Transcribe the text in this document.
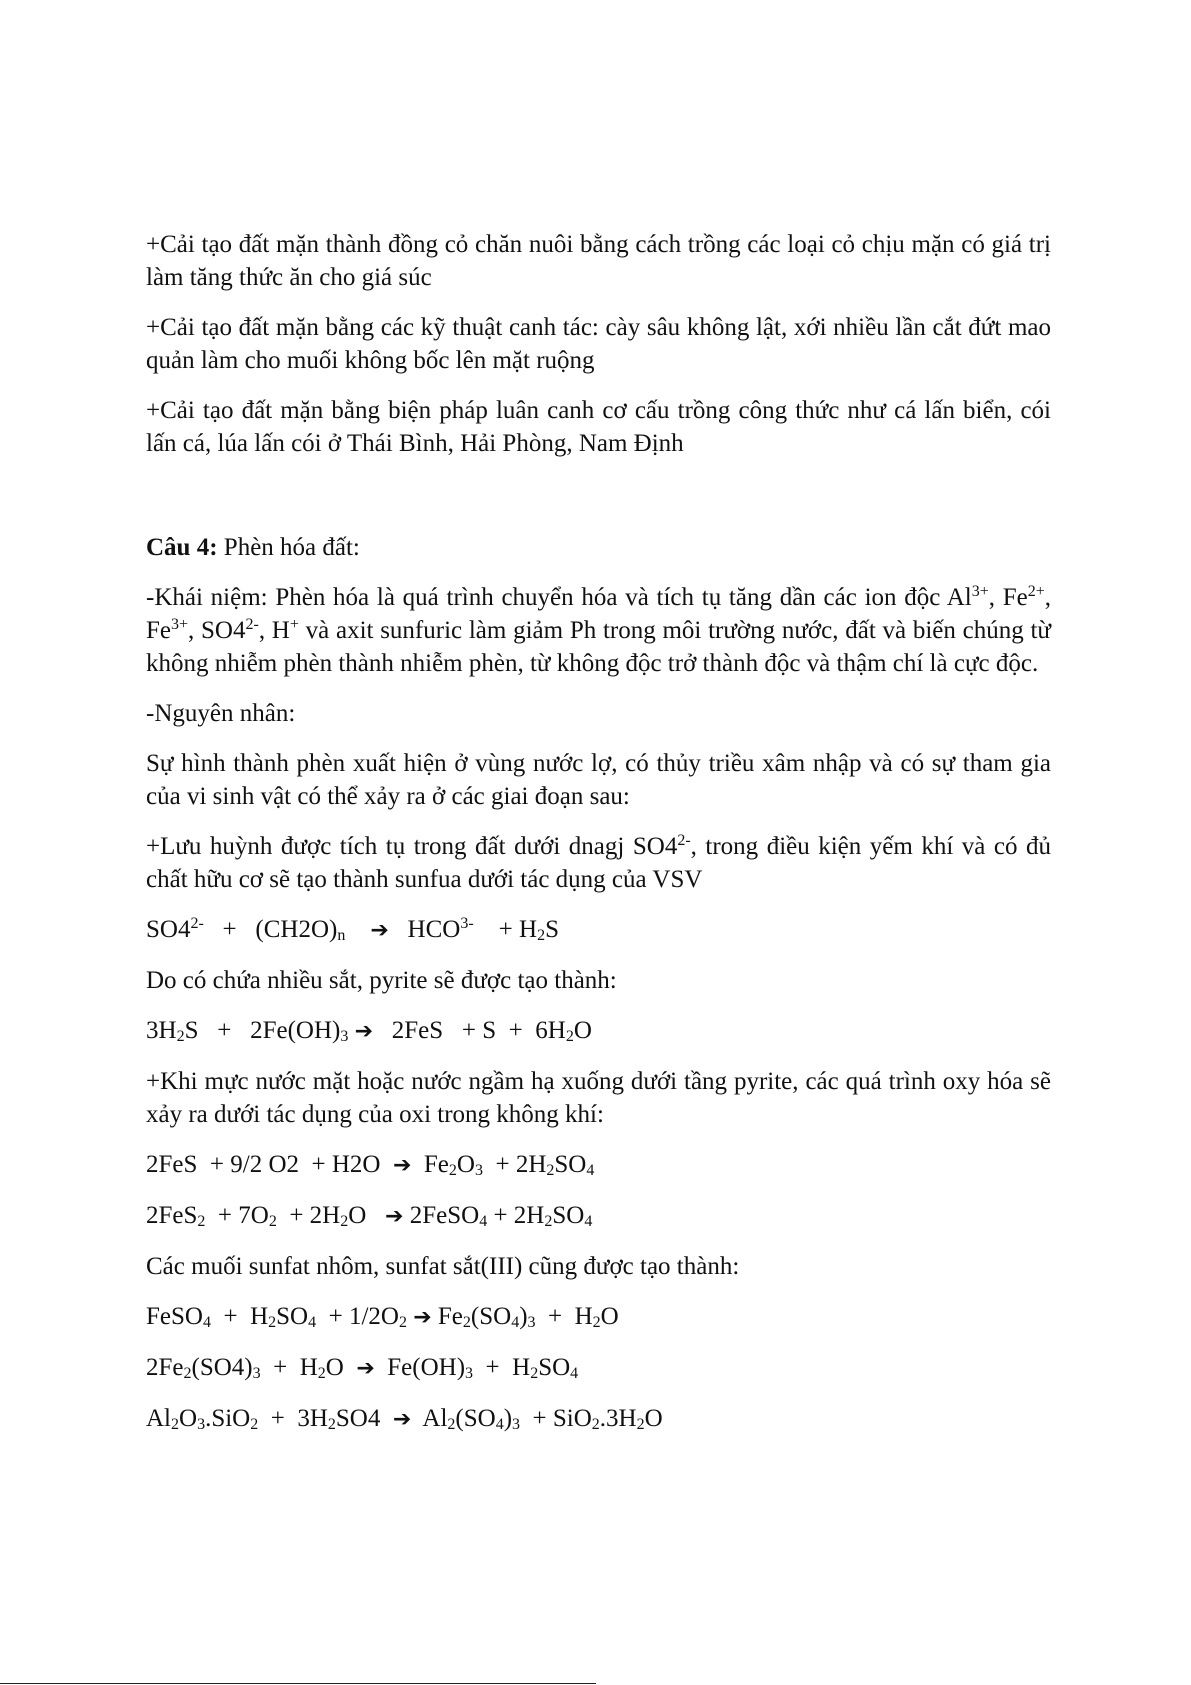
+Cải tạo đất mặn thành đồng cỏ chăn nuôi bằng cách trồng các loại cỏ chịu mặn có giá trị làm tăng thức ăn cho giá súc

+Cải tạo đất mặn bằng các kỹ thuật canh tác: cày sâu không lật, xới nhiều lần cắt đứt mao quản làm cho muối không bốc lên mặt ruộng

+Cải tạo đất mặn bằng biện pháp luân canh cơ cấu trồng công thức như cá lấn biển, cói lấn cá, lúa lấn cói ở Thái Bình, Hải Phòng, Nam Định

Câu 4: Phèn hóa đất:

-Khái niệm: Phèn hóa là quá trình chuyển hóa và tích tụ tăng dần các ion độc $Al^{3+}$, $Fe^{2+}$, $Fe^{3+}$, $SO4^{2-}$, H+ và axit sunfuric làm giảm Ph trong môi trường nước, đất và biến chúng từ không nhiễm phèn thành nhiễm phèn, từ không độc trở thành độc và thậm chí là cực độc.

-Nguyên nhân:

Sự hình thành phèn xuất hiện ở vùng nước lợ, có thủy triều xâm nhập và có sự tham gia của vi sinh vật có thể xảy ra ở các giai đoạn sau:

+Lưu huỳnh được tích tụ trong đất dưới dnagj $SO4^{2-}$, trong điều kiện yếm khí và có đủ chất hữu cơ sẽ tạo thành sunfua dưới tác dụng của VSV

$SO4^{2-} + (CH2O)_n$ ➔   $HCO^{3-}$    + $H_2S$

Do có chứa nhiều sắt, pyrite sẽ được tạo thành:

$3H_2S + 2Fe(OH)_3$ ➔   $2FeS + S + 6H_2O$

+Khi mực nước mặt hoặc nước ngầm hạ xuống dưới tầng pyrite, các quá trình oxy hóa sẽ xảy ra dưới tác dụng của oxi trong không khí:

2FeS  + 9/2 O2  + H2O  ➔  $Fe_2O_3 + 2H_2SO_4$
$2FeS_2 + 7O_2 + 2H_2O$   ➔ 2FeSO$_4$ + $2H_2SO_4$

Các muối sunfat nhôm, sunfat sắt(III) cũng được tạo thành:

FeSO$_4$  +  $H_2SO_4 + 1/2O_2$ ➔ $Fe_2(SO_4)_3 + H_2O$
$2Fe_2(SO4)_3 + H_2O$  ➔  $Fe(OH)_3 + H_2SO_4$
$Al_2O_3.SiO_2 + 3H_2SO4$  ➔  $Al_2(SO_4)_3 + SiO_2.3H_2O$
